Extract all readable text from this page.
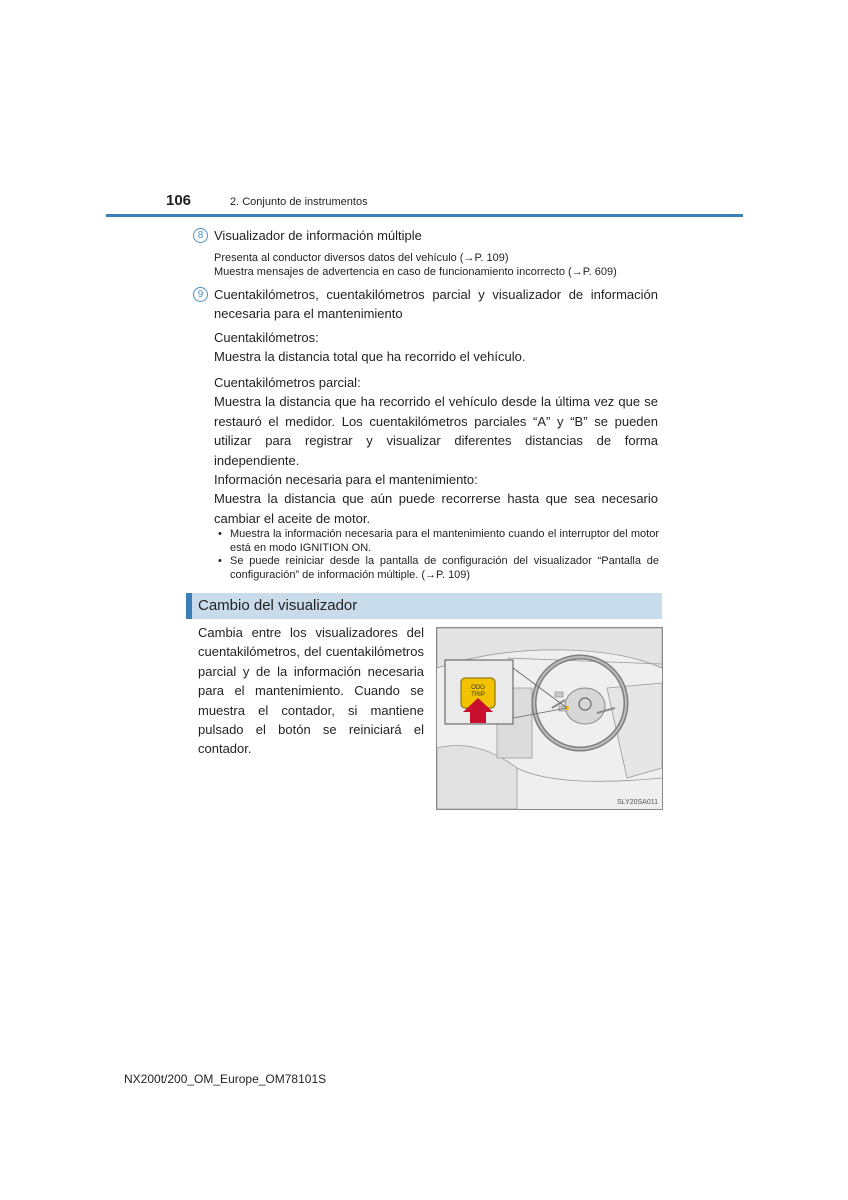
106	2. Conjunto de instrumentos
8 Visualizador de información múltiple
Presenta al conductor diversos datos del vehículo (→P. 109)
Muestra mensajes de advertencia en caso de funcionamiento incorrecto (→P. 609)
9 Cuentakilómetros, cuentakilómetros parcial y visualizador de información necesaria para el mantenimiento
Cuentakilómetros:
Muestra la distancia total que ha recorrido el vehículo.
Cuentakilómetros parcial:
Muestra la distancia que ha recorrido el vehículo desde la última vez que se restauró el medidor. Los cuentakilómetros parciales “A” y “B” se pueden utilizar para registrar y visualizar diferentes distancias de forma independiente.
Información necesaria para el mantenimiento:
Muestra la distancia que aún puede recorrerse hasta que sea necesario cambiar el aceite de motor.
• Muestra la información necesaria para el mantenimiento cuando el interruptor del motor está en modo IGNITION ON.
• Se puede reiniciar desde la pantalla de configuración del visualizador “Pantalla de configuración” de información múltiple. (→P. 109)
Cambio del visualizador
Cambia entre los visualizadores del cuentakilómetros, del cuentakilómetros parcial y de la información necesaria para el mantenimiento. Cuando se muestra el contador, si mantiene pulsado el botón se reiniciará el contador.
ODO
TRIP
SLY20SA011
NX200t/200_OM_Europe_OM78101S
